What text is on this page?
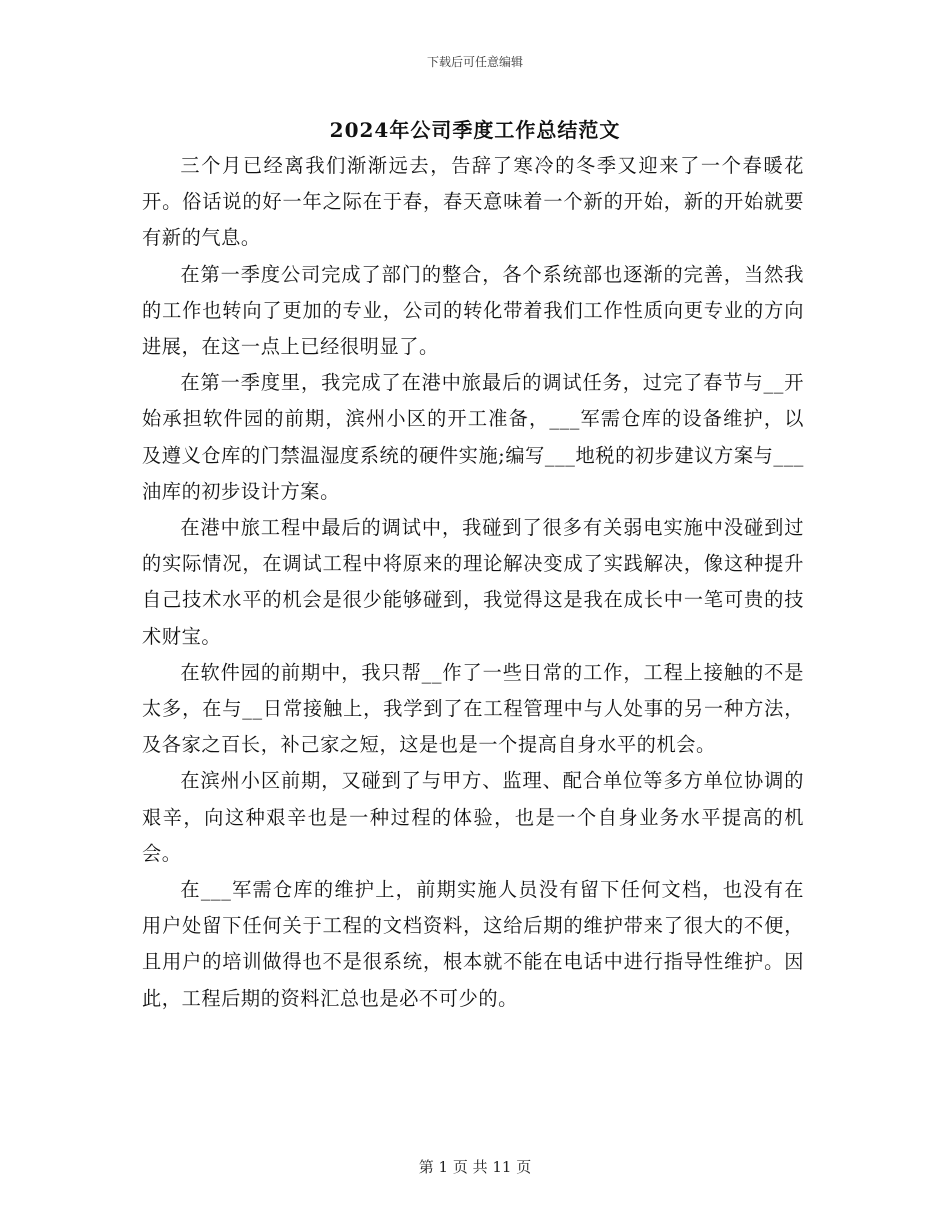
下载后可任意编辑
2024年公司季度工作总结范文

三个月已经离我们渐渐远去，告辞了寒冷的冬季又迎来了一个春暖花开。俗话说的好一年之际在于春，春天意味着一个新的开始，新的开始就要有新的气息。

在第一季度公司完成了部门的整合，各个系统部也逐渐的完善，当然我的工作也转向了更加的专业，公司的转化带着我们工作性质向更专业的方向进展，在这一点上已经很明显了。

在第一季度里，我完成了在港中旅最后的调试任务，过完了春节与__开始承担软件园的前期，滨州小区的开工准备，___军需仓库的设备维护，以及遵义仓库的门禁温湿度系统的硬件实施;编写___地税的初步建议方案与___油库的初步设计方案。

在港中旅工程中最后的调试中，我碰到了很多有关弱电实施中没碰到过的实际情况，在调试工程中将原来的理论解决变成了实践解决，像这种提升自己技术水平的机会是很少能够碰到，我觉得这是我在成长中一笔可贵的技术财宝。

在软件园的前期中，我只帮__作了一些日常的工作，工程上接触的不是太多，在与__日常接触上，我学到了在工程管理中与人处事的另一种方法，及各家之百长，补己家之短，这是也是一个提高自身水平的机会。

在滨州小区前期，又碰到了与甲方、监理、配合单位等多方单位协调的艰辛，向这种艰辛也是一种过程的体验，也是一个自身业务水平提高的机会。

在___军需仓库的维护上，前期实施人员没有留下任何文档，也没有在用户处留下任何关于工程的文档资料，这给后期的维护带来了很大的不便，且用户的培训做得也不是很系统，根本就不能在电话中进行指导性维护。因此，工程后期的资料汇总也是必不可少的。

第 1 页 共 11 页
